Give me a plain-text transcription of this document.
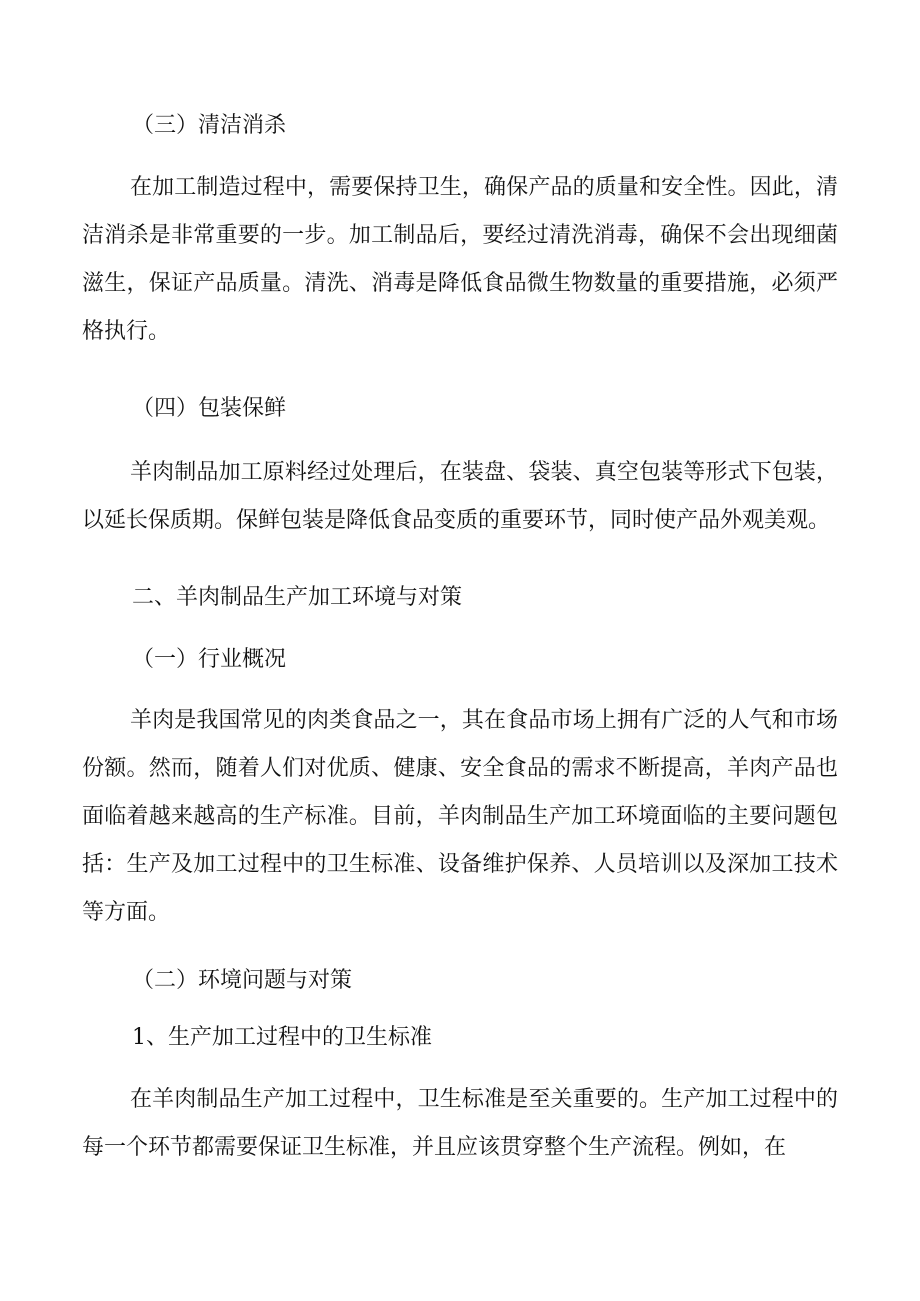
（三）清洁消杀

在加工制造过程中，需要保持卫生，确保产品的质量和安全性。因此，清洁消杀是非常重要的一步。加工制品后，要经过清洗消毒，确保不会出现细菌滋生，保证产品质量。清洗、消毒是降低食品微生物数量的重要措施，必须严格执行。

（四）包装保鲜

羊肉制品加工原料经过处理后，在装盘、袋装、真空包装等形式下包装，以延长保质期。保鲜包装是降低食品变质的重要环节，同时使产品外观美观。

二、羊肉制品生产加工环境与对策

（一）行业概况

羊肉是我国常见的肉类食品之一，其在食品市场上拥有广泛的人气和市场份额。然而，随着人们对优质、健康、安全食品的需求不断提高，羊肉产品也面临着越来越高的生产标准。目前，羊肉制品生产加工环境面临的主要问题包括：生产及加工过程中的卫生标准、设备维护保养、人员培训以及深加工技术等方面。

（二）环境问题与对策

1、生产加工过程中的卫生标准

在羊肉制品生产加工过程中，卫生标准是至关重要的。生产加工过程中的每一个环节都需要保证卫生标准，并且应该贯穿整个生产流程。例如，在
